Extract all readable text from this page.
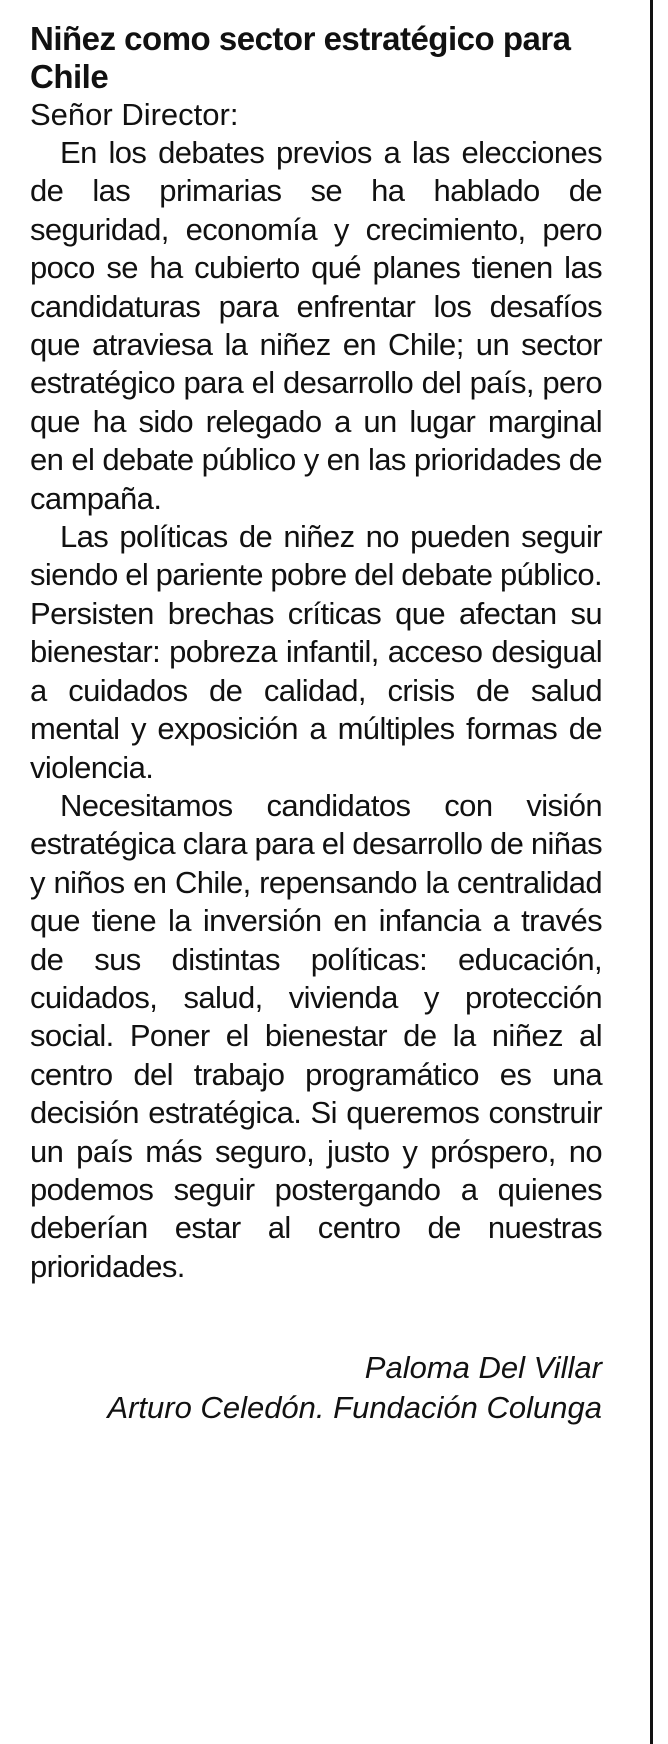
Niñez como sector estratégico para Chile

Señor Director:

En los debates previos a las elecciones de las primarias se ha hablado de seguridad, economía y crecimiento, pero poco se ha cubierto qué planes tienen las candidaturas para enfrentar los desafíos que atraviesa la niñez en Chile; un sector estratégico para el desarrollo del país, pero que ha sido relegado a un lugar marginal en el debate público y en las prioridades de campaña.

Las políticas de niñez no pueden seguir siendo el pariente pobre del debate público. Persisten brechas críticas que afectan su bienestar: pobreza infantil, acceso desigual a cuidados de calidad, crisis de salud mental y exposición a múltiples formas de violencia.

Necesitamos candidatos con visión estratégica clara para el desarrollo de niñas y niños en Chile, repensando la centralidad que tiene la inversión en infancia a través de sus distintas políticas: educación, cuidados, salud, vivienda y protección social. Poner el bienestar de la niñez al centro del trabajo programático es una decisión estratégica. Si queremos construir un país más seguro, justo y próspero, no podemos seguir postergando a quienes deberían estar al centro de nuestras prioridades.

Paloma Del Villar
Arturo Celedón. Fundación Colunga
